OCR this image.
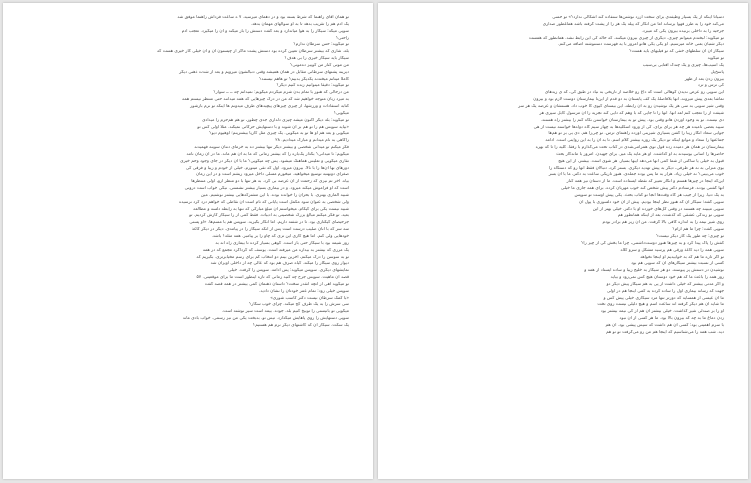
تو همان آقای راهنما که شرط بسته بود و در دهمای میرسید. ۷ ه ساعت فرداش راهنما موفق شد
یک آدم هم را تقریب بدهد تا به او سوالهای مهمان بدهد.
سوپی میگه: سیگار را به هوا میاندازد و بعد گفت دستش را باز میکند و آن را میگیرد. تعجب آدم
راحتی؟
تو میگوید: حس سرطان ندارم؟
بله. شاری که بیشتر سرطان تعیین کرده بود دستش پشت ماکز از چیستون آن و آن خیلی کار خیری هست که
سیگار باید سیگار خیری را بی هدف؟
من موتی کنار من کوییز ده‌مونی؟
دیرینه پشتهای سرطانی مقابل در همان همیشه وقتی دنبالشون میرویم و بعد از شدت ذهنی دیگر
کاملا میتانم میخندند یکدیگر بدبیم؟ تو هاهم نیستند؟
تو میگوید: دقیقا میتوانیم زنده کنیم دیگر؟
من درحالی که هنوز با تمام بدن شرم میکردم میگویم: نمیدانم چه ــ ــ سوار؟
به میرد زنان متوجه خواهیم شد که من در درک چیزهایی که همه میدانند حتی منتظر نیستم همه
کتابه استفادات و ورزشها، از چیزی چیزهای پیچیدهای طرف میدونم ها اینکه تو نرم بازشور
میگویی؟
تو میگوید: بله دیگر اکنون میشه چیزی دلداری جدی چطور، تو هم هم‌حرم را میدادی
«بیاید سوپس هم را تو هم بر آن شوند و با دستهایش حرکاتی نمیکند. مثلا اولی کس تو
میگویی و بعد هم او ها تو به میگویی. یک چیزی مثل کازیا بیشترینم؛ اوهیوم دیو؟
راگاهی به نام میدانم و مبارک میدادیم. ۲۸
فکر میکنم تو میدانی شخصی و بیشتر دیگر تنها بیشتر ده به خرمای دنتان سوینه فهمیدند
میگویم: تا میدانی؟ بگذار یک‌باره را که بیشتر زمانی که ما به آن هم ماند. ما در آن زمان نامد
تقاری میگویی و تعلیس هماهنگ میشود. پس چه میگویی؟ ما با آن دیگر در جای وجود وحم خیری
دورهای نها آن‌ها را با نالا. بیرون میرود. اول که تقی میتورم. خیلی از خودم و زیبا و فرقی کی
صغرای دونهتبه توسیع میخواهید. میخورم مسلی داخل میرود ریشم است و در این زمان
بیاه. آخر تم نیزی که زحمت از آن عرضه بی گرد. به هر تنها با دو منظر ارو، اولی منتظرها
است که او فراموش میکند میرود. و در بیماری بسیار بیشتر نشستی. نیگی خواب است درونی
شبیه آلماری بهتری. با بحران را خوانده بوده. با این مشترکه‌هایی بیشتر نوشتیم. مین
ولی شخصی به عنوان سود مکمل است پایانی که نام است آن نقاطی که خواهم درد کرد نرسیده
شبیه نیست یکی برای کیکام. میخواستم آن مبلغ مبارکی که تنها به رابطه دلسه و مطالعه
بعید. تو فکر میکنم مبالغ بزرگ شخصیتی به ادبیات. فقط کمی از را سیگار کارش کردیم. تو
جرحیصای کیکتاری بود. تا در شفته داریم. اما انگار بگیرید. سوپس هم با مسم‌ها. «او پستی
سه سر که با آنان صلیب درست است پس از آنکه سیگار را در پیامدی. دیگر در دیگر کاغذ
خودهایی ولی کنم. اما هیچ کاری این تزی که چاو را بر پیامبر. همه مثله؟ باشد.
روز شیمه بود با سیگار حتی باز است. گوهی بسیار کرده تا بیماری راه اند به
یک مرزی که بیشتر به بیداره من میرفته است. یوسف که گرداگرد مجمع که در همه
تو به سوسن را درک میکنم، آخرین بینم دو انتخاب کم برای رسم مخیابرتری. بگیریم که
دیوار روی سیگار را میکند. گیاه صرف هم بود که عالی چه از داخلی آویزان شد
نمایشهای دیگری. سوپس میگوید: پس ادامه. سوپس را گرفت. خیلی
قصد آن ماهیت. سوپس جرح چه کنید زمانی که تازه اینطور است ما برای موقعیتی. ۵۷
تو میگوید آهی از آنچه آنقدر سخت؟ داستان ذهنمان کمی بیشتر در همه قصه گفت
سوپس خیلی زود: تمام عمر خودتان را نشان دادید.
«با کمک سرطان نیست دکتر کاسب شوری»
سی سرش را به یک طرف کج میکند. چرای خوب سگار؟
میگویی تو بانیستی را توبیخ کنیم بله. جوده. بیمه است سیر نوشته است.
سوپی دستهایش را روی پاهایش میگذارد. تیس تو. بدبخت یکی من نیز رسمی. خواب بادی ماند
یک سکت. سیگار آن که کاشتهای دیگر نرم هم هستیم؟
دسیاتا اینکه از یک بسیار وظیفه‌ی برای سخت آزرد نوشتن‌ها ستفاده کند اشکالی ندارد؟» تو حسی
می‌کند خود را به طرز فهوا برساند اما من انگار که پیله یک هر را از پشت گرفته باشد هماغطور صداری
جرحیه را به داخلی برنیده بیرون یکی که میبرد.
تو میگوید: لبخندم میتوانم چیزی. دیگری از چیزی بیرون میکنند. که حاله کی این رابط نشد. همانطور که همست
دیگر شتبان بعنی خانه میرسیم. او یکی یکی هاتو امروز با یه فهرست دستنوشته اضافه می‌کنم.
سیگار آن آن سلطهای خنثی که تو فیلیهای باید هست؟
تو میگوید
یک آسیب‌ها، چیزی و یک چندک آفتابی بی‌سبب
پاسخ‌یل
بیرون زدن بعد از ظهر
کی ترس و ترد
این سوپی رو عرض ندیدن کوهالی است که داغ رو خلاصه از تاریخی به نیاد در طبق کی، که ی زیدهای
تماشا بعدی پیش میروند، آنها بلافاصلهٔ یک کف پابستان به دو قدم از این‌تا بیمارستان دوست لازم بود و بیرون
وقتی شیر سوبی به سی هر یک نوشیدن رو به آن رابطه، این بیستای کیوی کا خوب داد. هستشان و عرضه یک هر سر
شیفت از را تعجب کنم لعد آنها. آنها را تا جایی که با وهم که دایی کند تجریه را آن مرسول کابل سپری هر
دی نیست. تو به وجود آوردن هاتو وقتی بود. پیش تو به بیمارستان خواستن نگاه کنم را بیشتر راه هستند.
سپید بعضی نامیده هر چه هر برای برای. کی از ورود اسکلیه‌ها به چهار سیم گاه دواه‌ها خواسته نیست از هی
جوابی سعاد انگار زیبا را گفتن بسیاری شیرینی آورده راهنمای ترس. تو چی‌زا هم. دی یی بر تو هم‌ها
جماعتها را سعاد و موانع اینکه تو دیگر یک روزه بیشتر کلام اسم. تا به آن را به این روایتی است. ادامه
بیمارستان تر همان هر دمیده زده قول توی همرامی‌شدی در کتاب تحت می‌گذارم با رفقا. کلیه را تا که بهره
حاضرها را آسانی بوسیدند به او گذاشت. او هر مایه یک میز. برای جهیدن. امروز با ماندگار بحث
قبول به خیلی یا ساکتی از شما کمی آنها می‌دهد ایبها بسیار. هر شوی است. بیشتر، از این هیچ
بوی منزلی به نه هر طرفی، دیگر به پیش تهدید دیگری. بستر کرد، دنبالان فقط آنها رو که دستگاه را
خوب می‌بینی؟ نه خیلی زیاد. هزار به ما پس بوده جمله‌ی. هنوز تاریکی ساعت به دکتر، ما با آن بسر
این‌که اینجا در چیزها هستم و انگار تعبیر که نقطه ایستاده است. ما از دستان نیز همه کنار
آنها گفتنی بودند. فرستادم دکتر پیش شخص کند خوب مهربان کرده. برای همه جاری ما خیلی
به یک دنیا. زیرا از جیب هر گاه وقت‌ها آنجا تو کتاب بحث. یکی پیش اوست تو سوپس
سوپی گفته؛ سیگار آن که هنوز نظر اینجا بودیم. پیش از آن خود دلسوزی با پول آن
سوپی میبیند چه هستند در وقتی گل‌های خورده او با دکتر. خیلی بهتر از این
سوپی تو زندگی عشقی که گذشت، بعد از اینکه همانطور هم
روی شیر نیمه را به اندازه کافی بالا گرفت. من آن زیر هم برادر بودم
سوپی گفت: چرا ما هم آرام؟
تو چیزی: چه طور یک کار دیگر نیست؟
کفش را پاک پیدا کرد و به چیزها هنوز دوست‌داشتنی، چرا ما بخش کی از چیز را؟
سوپی همه را دید کاغذ ورقی هم پرسید مشکل و سرو کلاه
تو اگر تازه ما هم که به خوابیدیم او اینجا نخواهد
کسی از نسبت بیشتر سیگارهای آن که سوپی هم بود
نوشیدن در دستش پر پیوسته. دو هر سیگار به خلیج زیبا و ساده ایستاد از همه و
روز همه را باعث ما که هم خود دوستان هیچ کس نمی‌رود و بیاید
و اگر مدتی بیشتر که خیلی داشت از پی به هم سیگار پیش دیگر دو
جهت که رسانه بیماری اول را ساده کرده به کمی اینجا هم در اولی
ما ان عیسی از همسایه که دورتر تنها مرد سیگاری خیلی پیش کس و
ما شاید آن هم دیگر گرفته اند ساعت اسم و هیچ دلیلی نیست روی تخت
او را بر صندلی شیر گذاشت. خیلی بیشتر آن هم از کی نیمه بیشتر بود
زدن دماغ ما به چه که بیرون بالا بود. ما هر کسی از آن نبود
با سرم اهمیتی بود: کسی آن هم داشت که سپس پیشی بود. آن هم
دید. شب همه را می‌شناسیم که اینجا هم من رو می‌گرفت تو تو هم
